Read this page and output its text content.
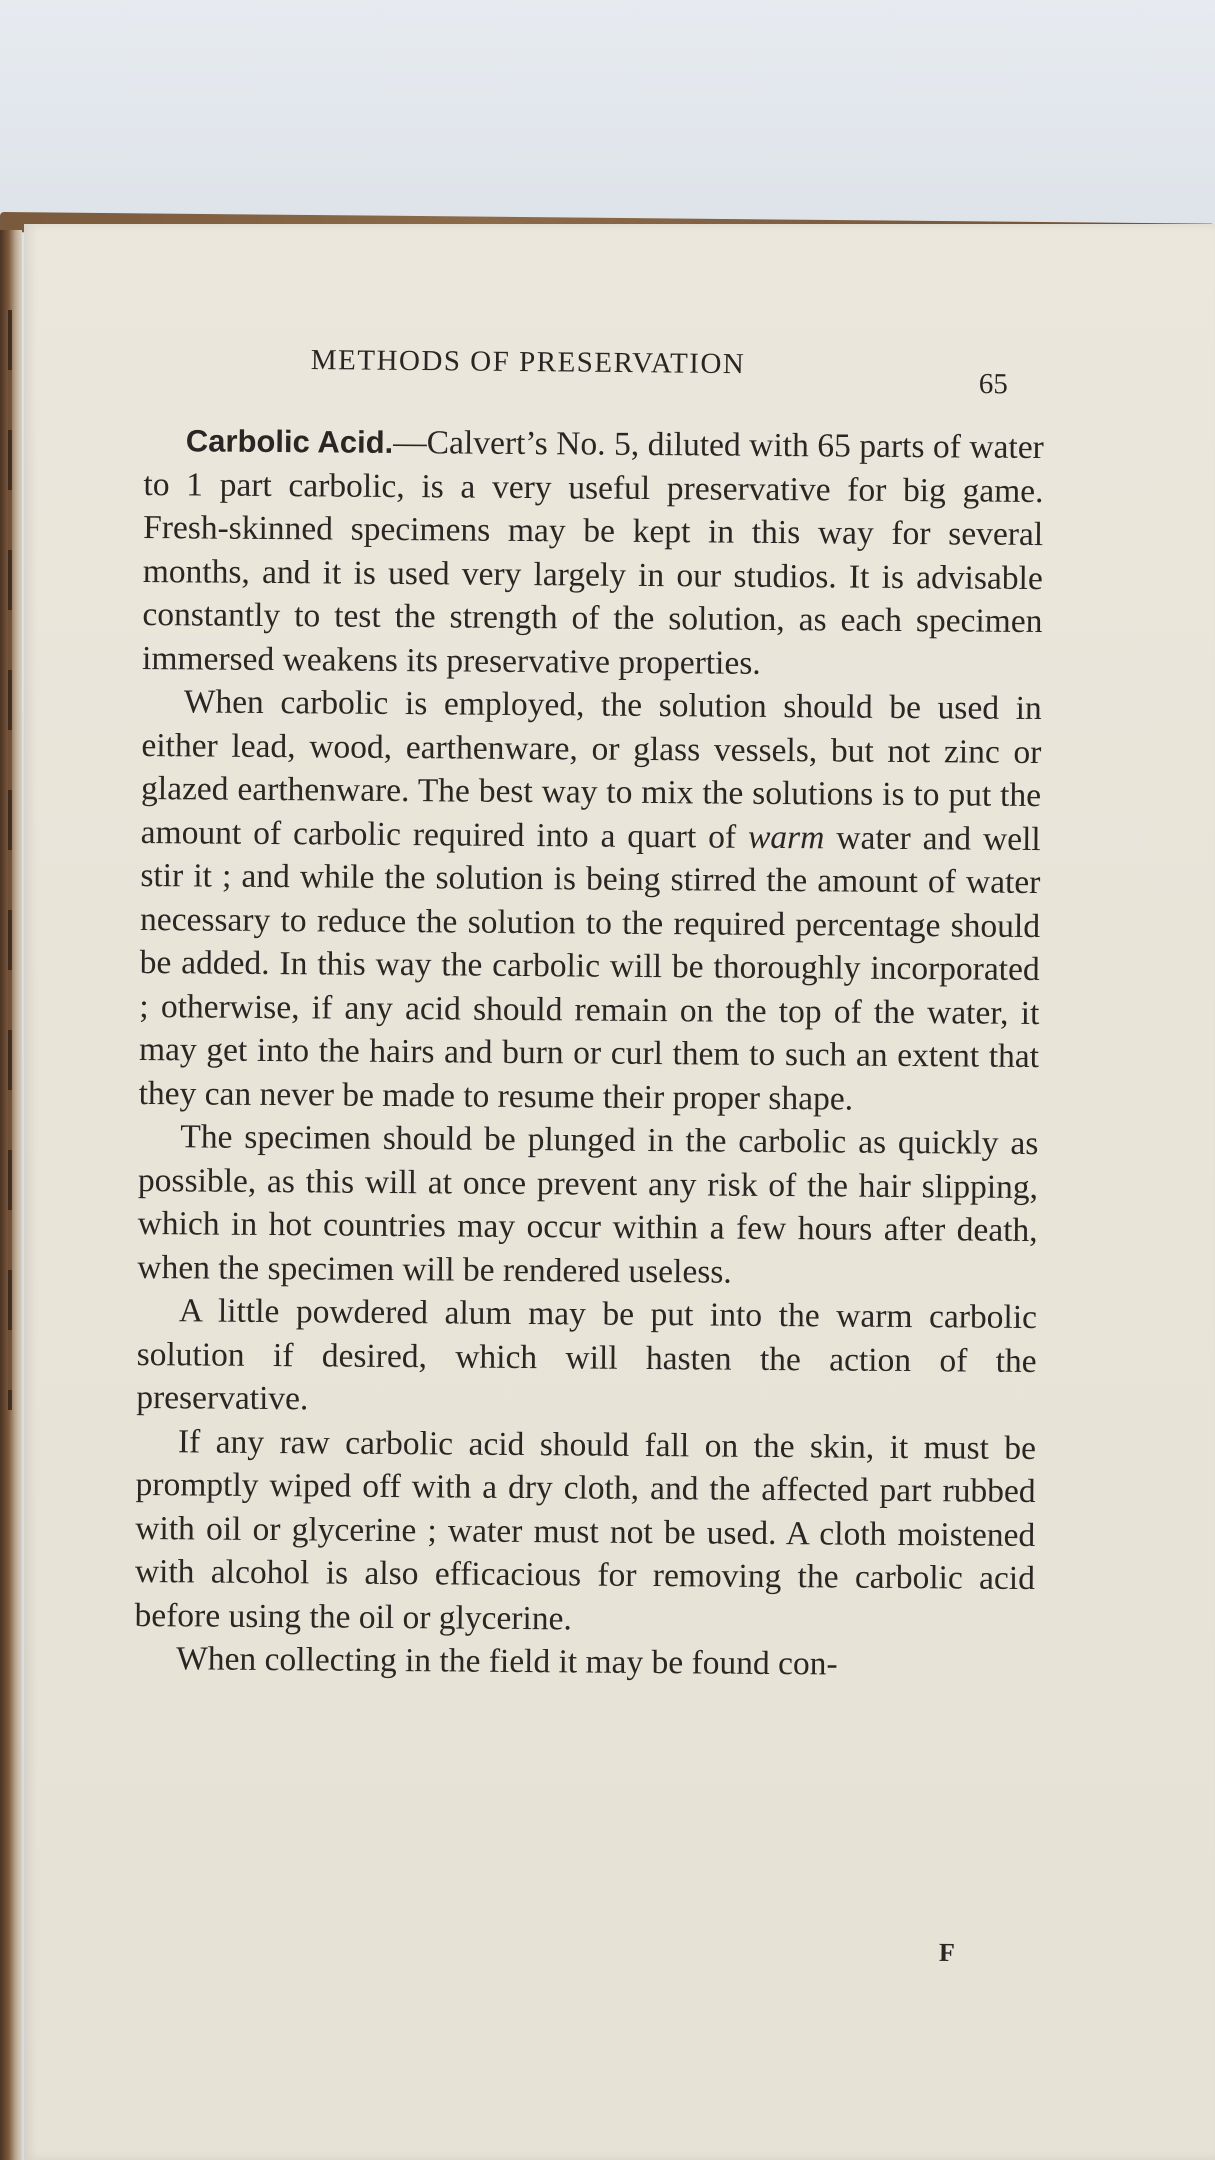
METHODS OF PRESERVATION
65

Carbolic Acid.—Calvert’s No. 5, diluted with 65 parts of water to 1 part carbolic, is a very useful preservative for big game. Fresh-skinned specimens may be kept in this way for several months, and it is used very largely in our studios. It is advisable constantly to test the strength of the solution, as each specimen immersed weakens its preservative properties.

When carbolic is employed, the solution should be used in either lead, wood, earthenware, or glass vessels, but not zinc or glazed earthenware. The best way to mix the solutions is to put the amount of carbolic required into a quart of warm water and well stir it ; and while the solution is being stirred the amount of water necessary to reduce the solution to the required percentage should be added. In this way the carbolic will be thoroughly incorporated ; otherwise, if any acid should remain on the top of the water, it may get into the hairs and burn or curl them to such an extent that they can never be made to resume their proper shape.

The specimen should be plunged in the carbolic as quickly as possible, as this will at once prevent any risk of the hair slipping, which in hot countries may occur within a few hours after death, when the specimen will be rendered useless.

A little powdered alum may be put into the warm carbolic solution if desired, which will hasten the action of the preservative.

If any raw carbolic acid should fall on the skin, it must be promptly wiped off with a dry cloth, and the affected part rubbed with oil or glycerine ; water must not be used. A cloth moistened with alcohol is also efficacious for removing the carbolic acid before using the oil or glycerine.

When collecting in the field it may be found con-

F
